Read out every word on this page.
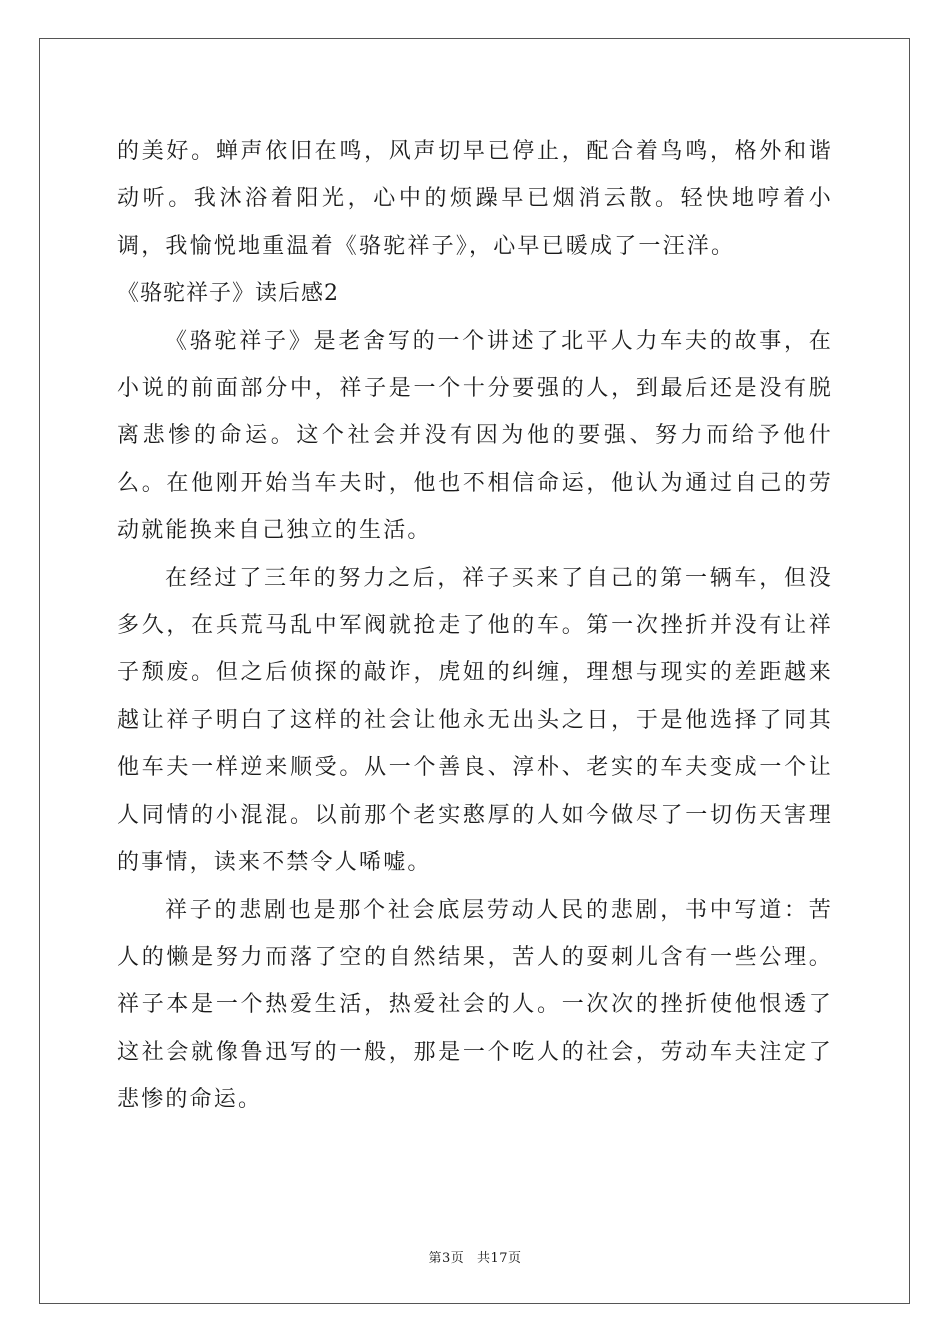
的美好。蝉声依旧在鸣，风声切早已停止，配合着鸟鸣，格外和谐动听。我沐浴着阳光，心中的烦躁早已烟消云散。轻快地哼着小调，我愉悦地重温着《骆驼祥子》，心早已暖成了一汪洋。

《骆驼祥子》读后感2

《骆驼祥子》是老舍写的一个讲述了北平人力车夫的故事，在小说的前面部分中，祥子是一个十分要强的人，到最后还是没有脱离悲惨的命运。这个社会并没有因为他的要强、努力而给予他什么。在他刚开始当车夫时，他也不相信命运，他认为通过自己的劳动就能换来自己独立的生活。

在经过了三年的努力之后，祥子买来了自己的第一辆车，但没多久，在兵荒马乱中军阀就抢走了他的车。第一次挫折并没有让祥子颓废。但之后侦探的敲诈，虎妞的纠缠，理想与现实的差距越来越让祥子明白了这样的社会让他永无出头之日，于是他选择了同其他车夫一样逆来顺受。从一个善良、淳朴、老实的车夫变成一个让人同情的小混混。以前那个老实憨厚的人如今做尽了一切伤天害理的事情，读来不禁令人唏嘘。

祥子的悲剧也是那个社会底层劳动人民的悲剧，书中写道：苦人的懒是努力而落了空的自然结果，苦人的耍刺儿含有一些公理。祥子本是一个热爱生活，热爱社会的人。一次次的挫折使他恨透了这社会就像鲁迅写的一般，那是一个吃人的社会，劳动车夫注定了悲惨的命运。

第3页 共17页
